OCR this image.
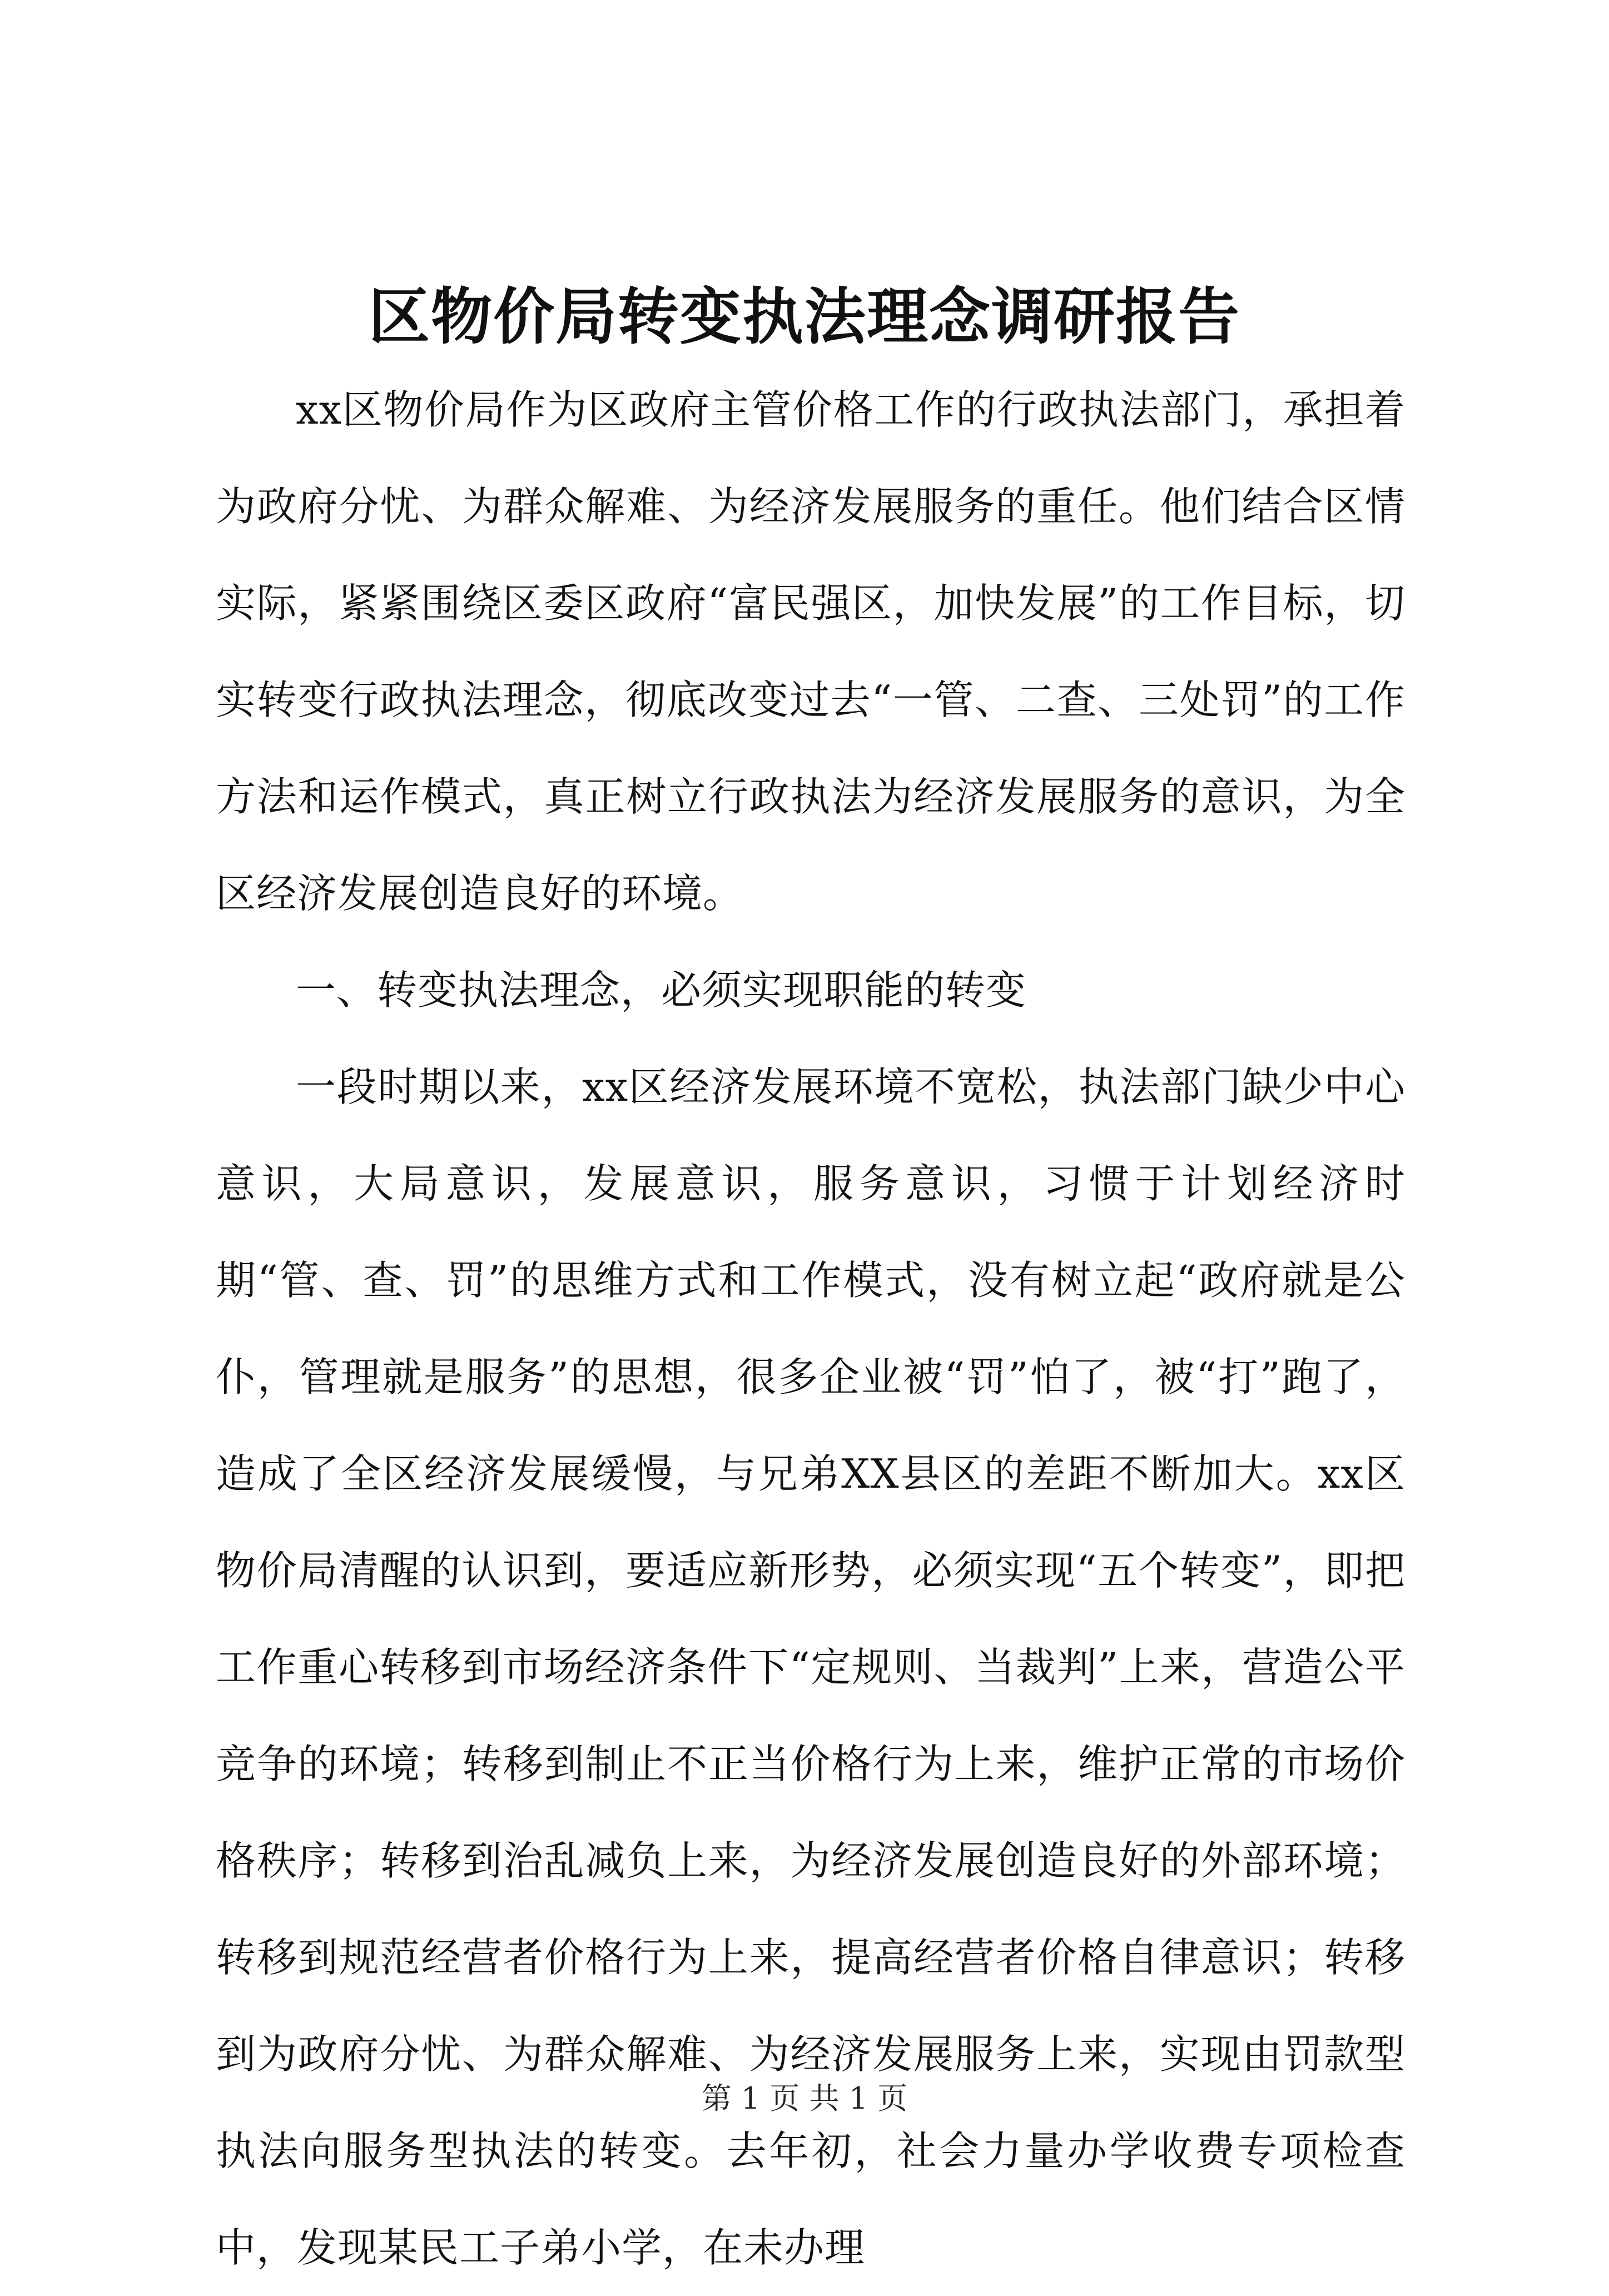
区物价局转变执法理念调研报告

xx区物价局作为区政府主管价格工作的行政执法部门，承担着为政府分忧、为群众解难、为经济发展服务的重任。他们结合区情实际，紧紧围绕区委区政府“富民强区，加快发展”的工作目标，切实转变行政执法理念，彻底改变过去“一管、二查、三处罚”的工作方法和运作模式，真正树立行政执法为经济发展服务的意识，为全区经济发展创造良好的环境。

一、转变执法理念，必须实现职能的转变

一段时期以来，xx区经济发展环境不宽松，执法部门缺少中心意识，大局意识，发展意识，服务意识，习惯于计划经济时期“管、查、罚”的思维方式和工作模式，没有树立起“政府就是公仆，管理就是服务”的思想，很多企业被“罚”怕了，被“打”跑了，造成了全区经济发展缓慢，与兄弟XX县区的差距不断加大。xx区物价局清醒的认识到，要适应新形势，必须实现“五个转变”，即把工作重心转移到市场经济条件下“定规则、当裁判”上来，营造公平竞争的环境；转移到制止不正当价格行为上来，维护正常的市场价格秩序；转移到治乱减负上来，为经济发展创造良好的外部环境；转移到规范经营者价格行为上来，提高经营者价格自律意识；转移到为政府分忧、为群众解难、为经济发展服务上来，实现由罚款型执法向服务型执法的转变。去年初，社会力量办学收费专项检查中，发现某民工子弟小学，在未办理

第 1 页 共 1 页
